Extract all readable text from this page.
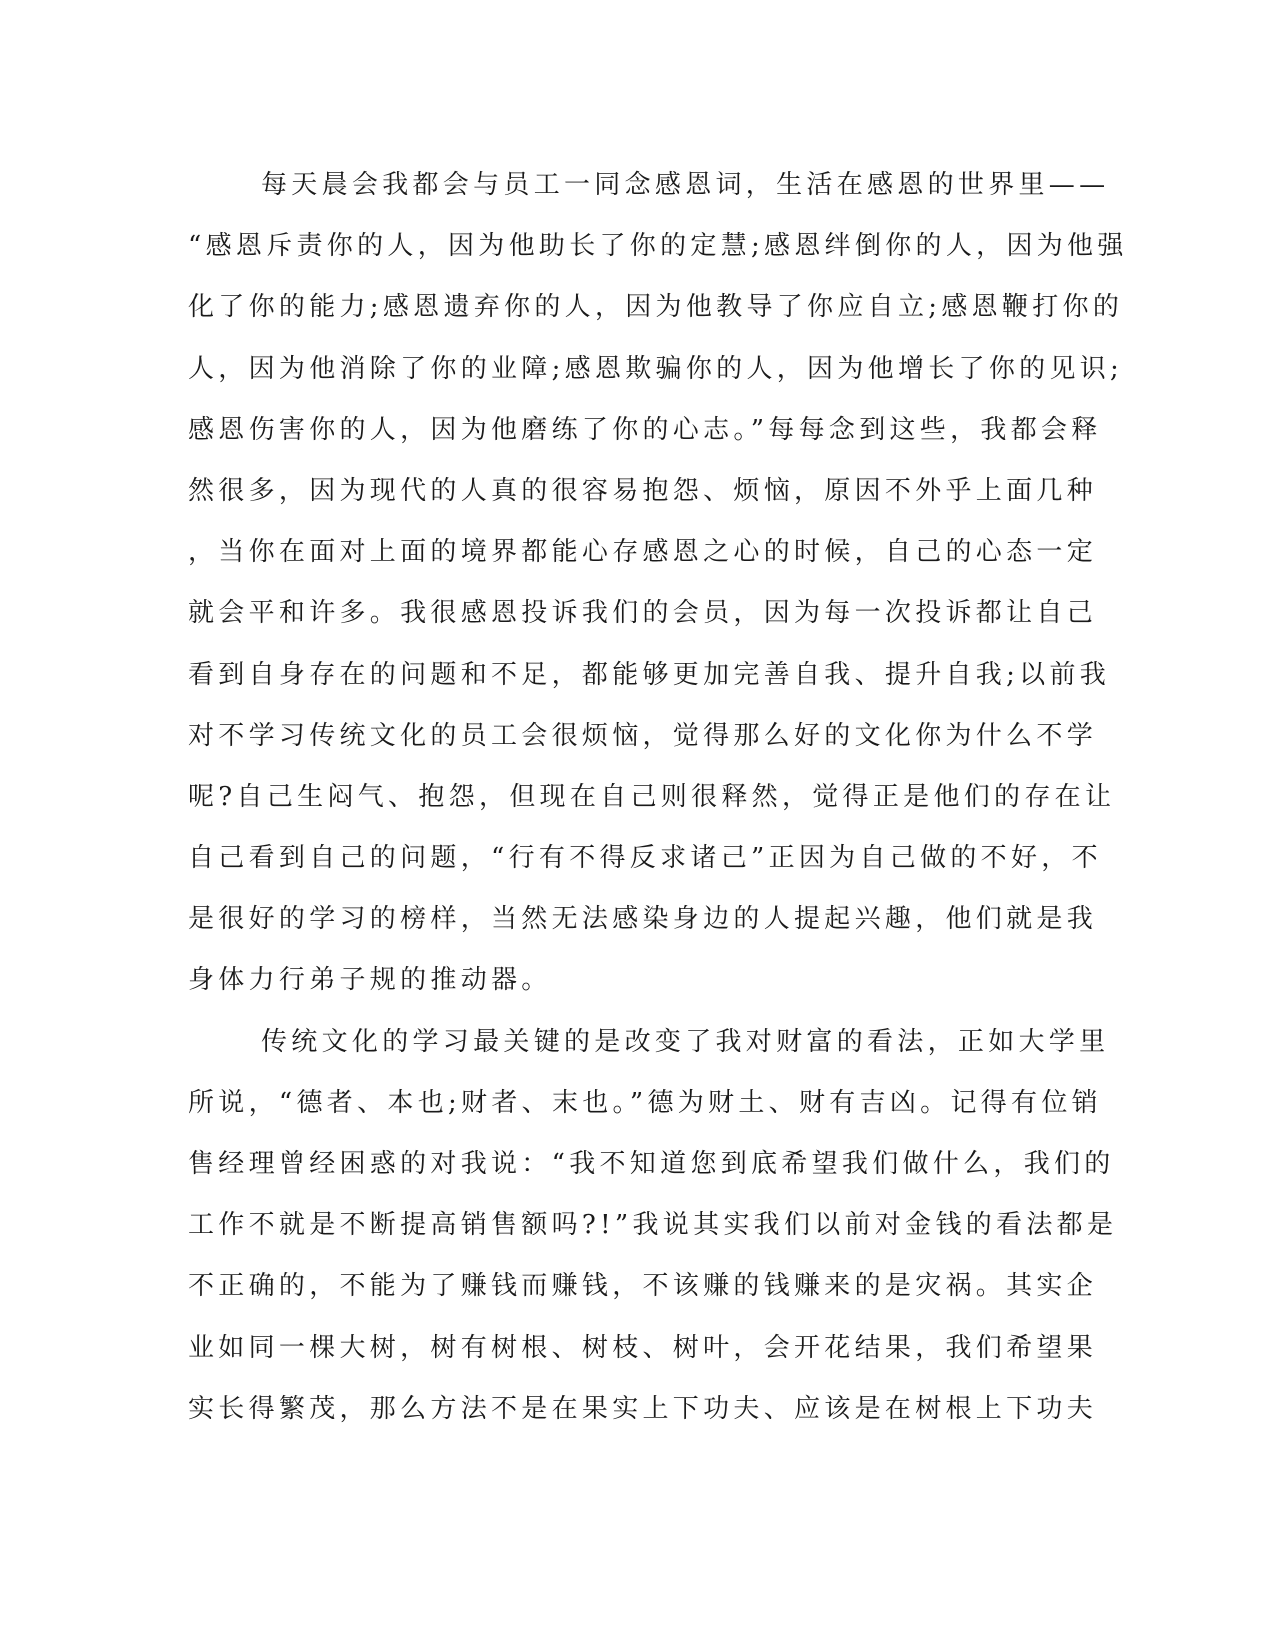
每天晨会我都会与员工一同念感恩词，生活在感恩的世界里——
“感恩斥责你的人，因为他助长了你的定慧;感恩绊倒你的人，因为他强
化了你的能力;感恩遗弃你的人，因为他教导了你应自立;感恩鞭打你的
人，因为他消除了你的业障;感恩欺骗你的人，因为他增长了你的见识;
感恩伤害你的人，因为他磨练了你的心志。”每每念到这些，我都会释
然很多，因为现代的人真的很容易抱怨、烦恼，原因不外乎上面几种
，当你在面对上面的境界都能心存感恩之心的时候，自己的心态一定
就会平和许多。我很感恩投诉我们的会员，因为每一次投诉都让自己
看到自身存在的问题和不足，都能够更加完善自我、提升自我;以前我
对不学习传统文化的员工会很烦恼，觉得那么好的文化你为什么不学
呢?自己生闷气、抱怨，但现在自己则很释然，觉得正是他们的存在让
自己看到自己的问题，“行有不得反求诸己”正因为自己做的不好，不
是很好的学习的榜样，当然无法感染身边的人提起兴趣，他们就是我
身体力行弟子规的推动器。
传统文化的学习最关键的是改变了我对财富的看法，正如大学里
所说，“德者、本也;财者、末也。”德为财土、财有吉凶。记得有位销
售经理曾经困惑的对我说：“我不知道您到底希望我们做什么，我们的
工作不就是不断提高销售额吗?!”我说其实我们以前对金钱的看法都是
不正确的，不能为了赚钱而赚钱，不该赚的钱赚来的是灾祸。其实企
业如同一棵大树，树有树根、树枝、树叶，会开花结果，我们希望果
实长得繁茂，那么方法不是在果实上下功夫、应该是在树根上下功夫
